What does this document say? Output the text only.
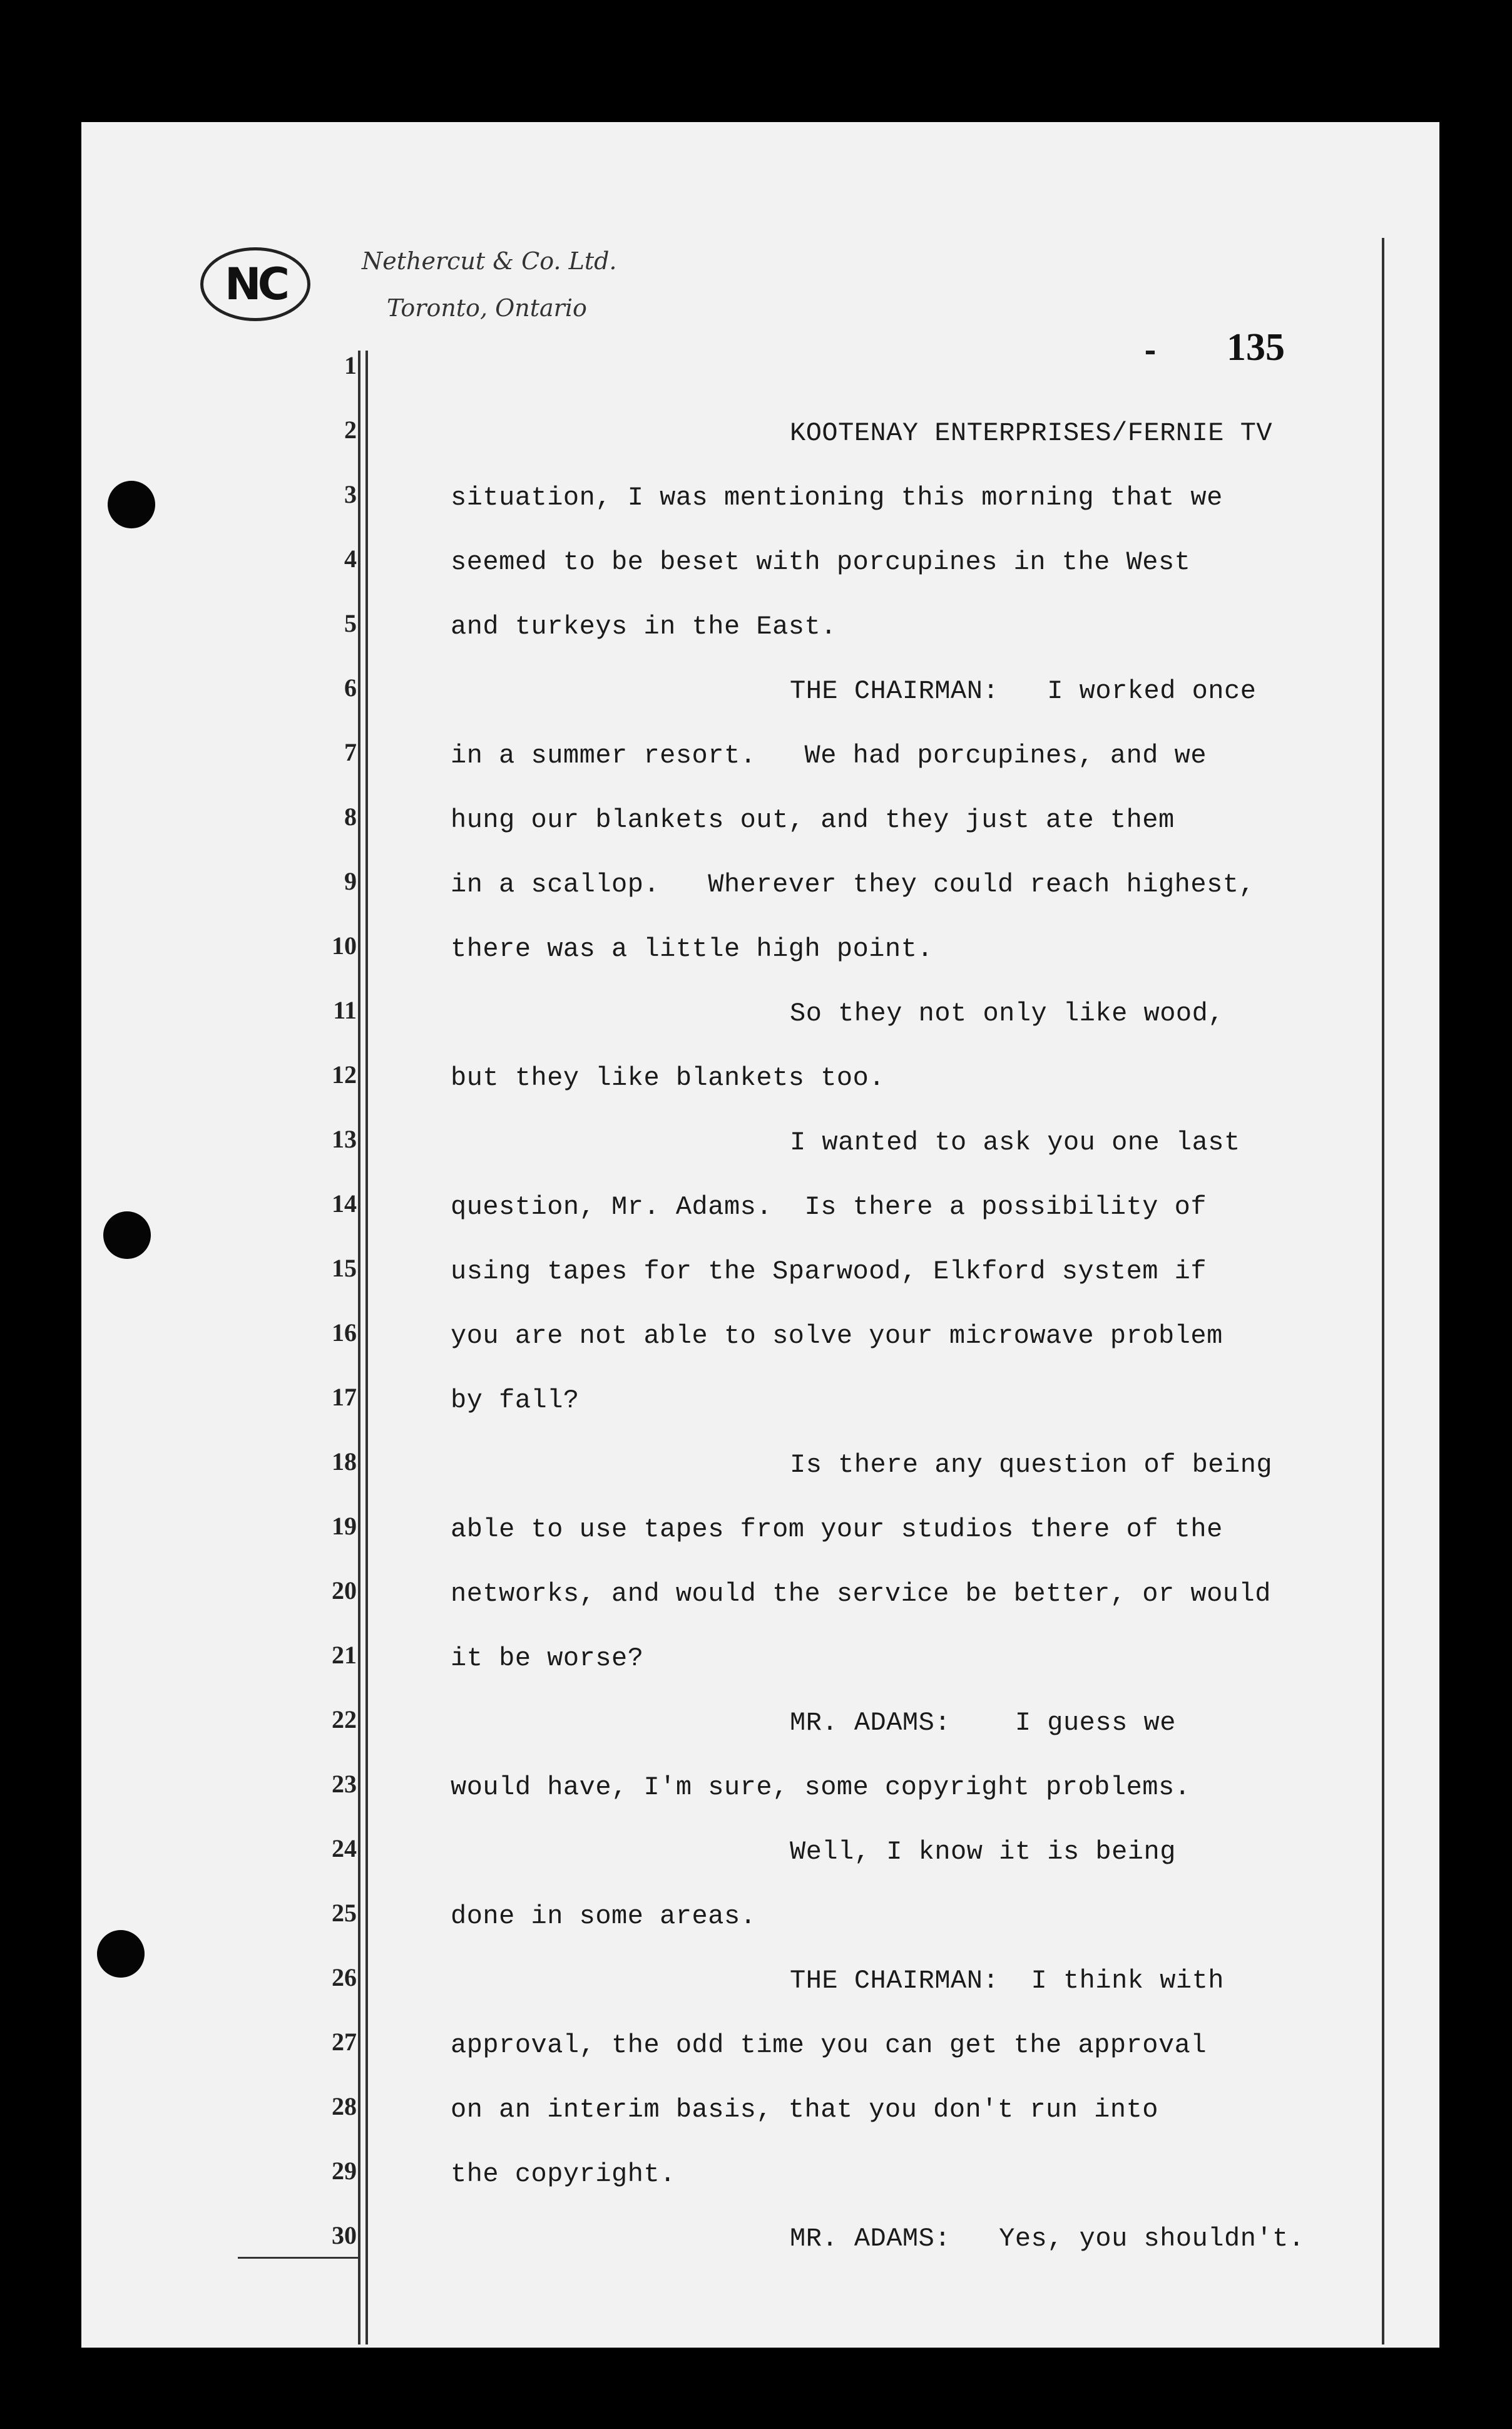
NC	Nethercut & Co. Ltd.
Toronto, Ontario
- 135
1
2
3
4
5
6
7
8
9
10
11
12
13
14
15
16
17
18
19
20
21
22
23
24
25
26
27
28
29
30
KOOTENAY ENTERPRISES/FERNIE TV
situation, I was mentioning this morning that we
seemed to be beset with porcupines in the West
and turkeys in the East.
THE CHAIRMAN:   I worked once
in a summer resort.   We had porcupines, and we
hung our blankets out, and they just ate them
in a scallop.   Wherever they could reach highest,
there was a little high point.
So they not only like wood,
but they like blankets too.
I wanted to ask you one last
question, Mr. Adams.  Is there a possibility of
using tapes for the Sparwood, Elkford system if
you are not able to solve your microwave problem
by fall?
Is there any question of being
able to use tapes from your studios there of the
networks, and would the service be better, or would
it be worse?
MR. ADAMS:    I guess we
would have, I'm sure, some copyright problems.
Well, I know it is being
done in some areas.
THE CHAIRMAN:  I think with
approval, the odd time you can get the approval
on an interim basis, that you don't run into
the copyright.
MR. ADAMS:   Yes, you shouldn't.
